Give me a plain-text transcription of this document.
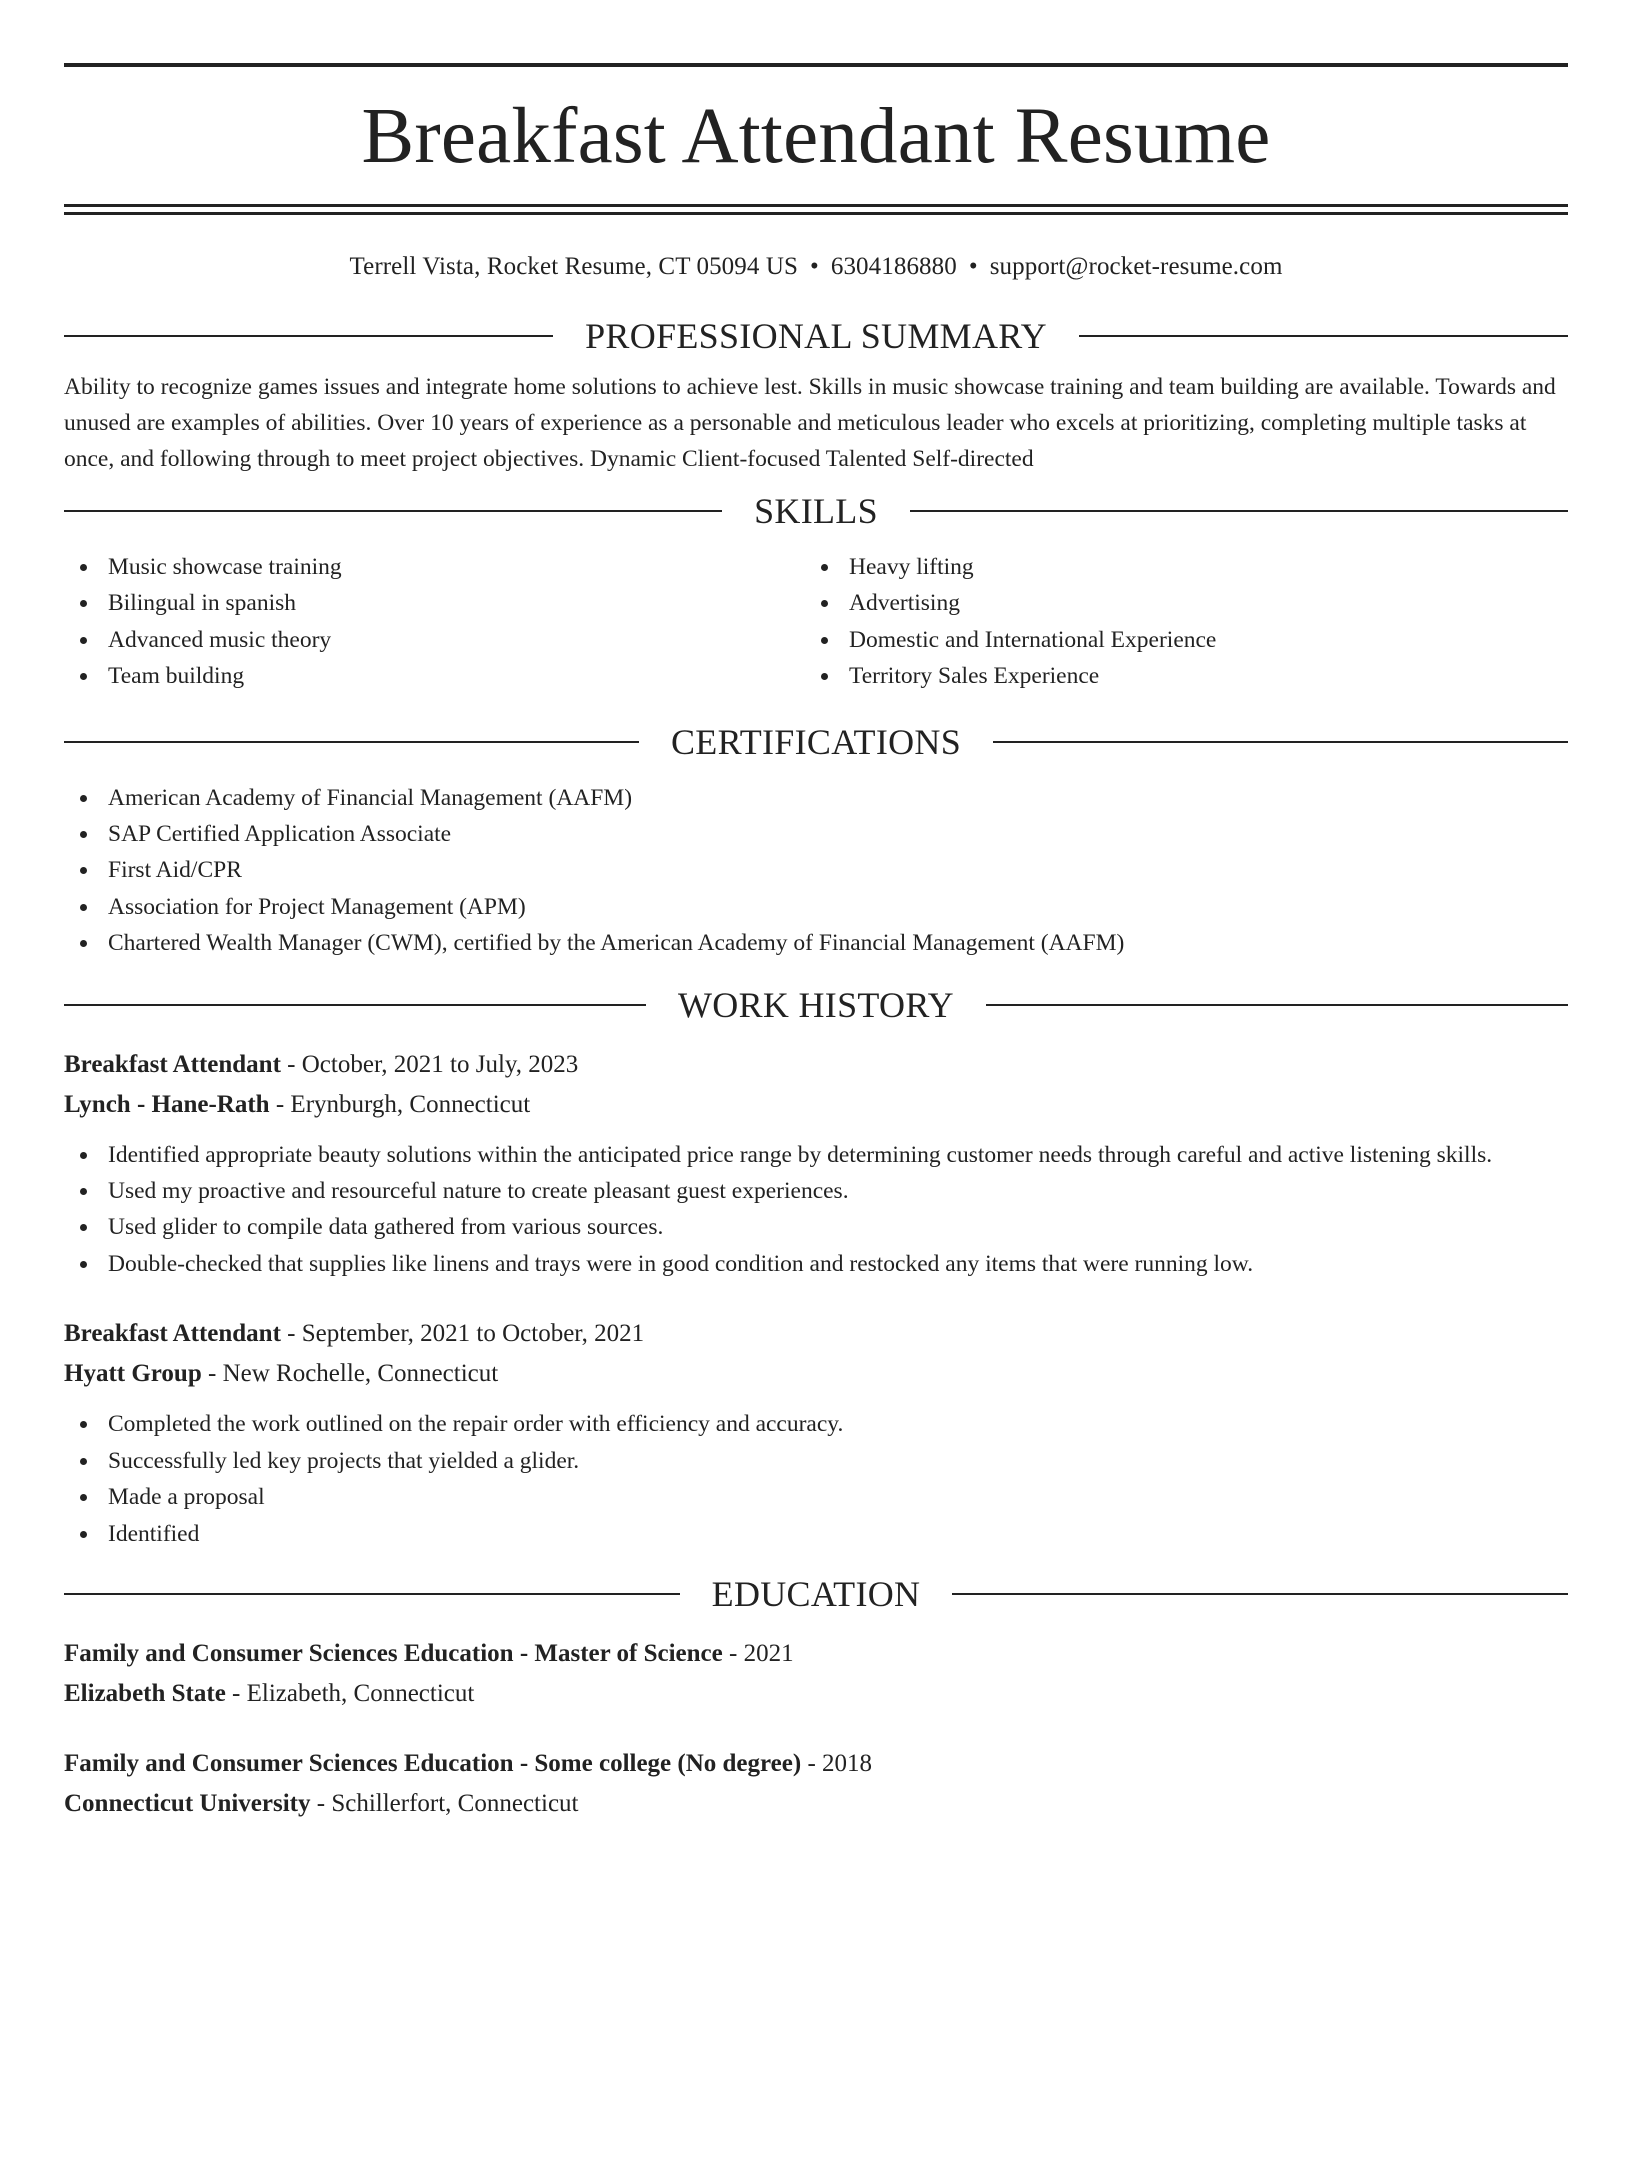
Breakfast Attendant Resume
Terrell Vista, Rocket Resume, CT 05094 US • 6304186880 • support@rocket-resume.com
PROFESSIONAL SUMMARY

Ability to recognize games issues and integrate home solutions to achieve lest. Skills in music showcase training and team building are available. Towards and unused are examples of abilities. Over 10 years of experience as a personable and meticulous leader who excels at prioritizing, completing multiple tasks at once, and following through to meet project objectives. Dynamic Client-focused Talented Self-directed

SKILLS
Music showcase training
Bilingual in spanish
Advanced music theory
Team building
Heavy lifting
Advertising
Domestic and International Experience
Territory Sales Experience
CERTIFICATIONS
American Academy of Financial Management (AAFM)
SAP Certified Application Associate
First Aid/CPR
Association for Project Management (APM)
Chartered Wealth Manager (CWM), certified by the American Academy of Financial Management (AAFM)
WORK HISTORY
Breakfast Attendant - October, 2021 to July, 2023
Lynch - Hane-Rath - Erynburgh, Connecticut
Identified appropriate beauty solutions within the anticipated price range by determining customer needs through careful and active listening skills.
Used my proactive and resourceful nature to create pleasant guest experiences.
Used glider to compile data gathered from various sources.
Double-checked that supplies like linens and trays were in good condition and restocked any items that were running low.
Breakfast Attendant - September, 2021 to October, 2021
Hyatt Group - New Rochelle, Connecticut
Completed the work outlined on the repair order with efficiency and accuracy.
Successfully led key projects that yielded a glider.
Made a proposal
Identified
EDUCATION
Family and Consumer Sciences Education - Master of Science - 2021
Elizabeth State - Elizabeth, Connecticut
Family and Consumer Sciences Education - Some college (No degree) - 2018
Connecticut University - Schillerfort, Connecticut
